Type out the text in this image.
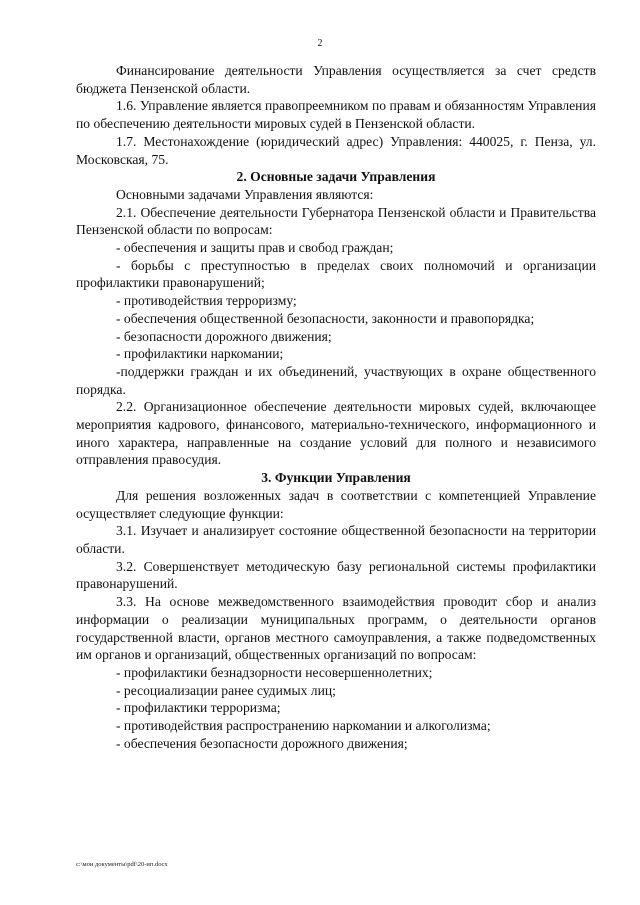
2

Финансирование деятельности Управления осуществляется за счет средств бюджета Пензенской области.

1.6. Управление является правопреемником по правам и обязанностям Управления по обеспечению деятельности мировых судей в Пензенской области.

1.7. Местонахождение (юридический адрес) Управления: 440025, г. Пенза, ул. Московская, 75.

2. Основные задачи Управления

Основными задачами Управления являются:

2.1. Обеспечение деятельности Губернатора Пензенской области и Правительства Пензенской области по вопросам:

- обеспечения и защиты прав и свобод граждан;

- борьбы с преступностью в пределах своих полномочий и организации профилактики правонарушений;

- противодействия терроризму;

- обеспечения общественной безопасности, законности и правопорядка;

- безопасности дорожного движения;

- профилактики наркомании;

-поддержки граждан и их объединений, участвующих в охране общественного порядка.

2.2. Организационное обеспечение деятельности мировых судей, включающее мероприятия кадрового, финансового, материально-технического, информационного и иного характера, направленные на создание условий для полного и независимого отправления правосудия.

3. Функции Управления

Для решения возложенных задач в соответствии с компетенцией Управление осуществляет следующие функции:

3.1. Изучает и анализирует состояние общественной безопасности на территории области.

3.2. Совершенствует методическую базу региональной системы профилактики правонарушений.

3.3. На основе межведомственного взаимодействия проводит сбор и анализ информации о реализации муниципальных программ, о деятельности органов государственной власти, органов местного самоуправления, а также подведомственных им органов и организаций, общественных организаций по вопросам:

- профилактики безнадзорности несовершеннолетних;

- ресоциализации ранее судимых лиц;

- профилактики терроризма;

- противодействия распространению наркомании и алкоголизма;

- обеспечения безопасности дорожного движения;

c:\мои документы\pdf\20-ип.docx
